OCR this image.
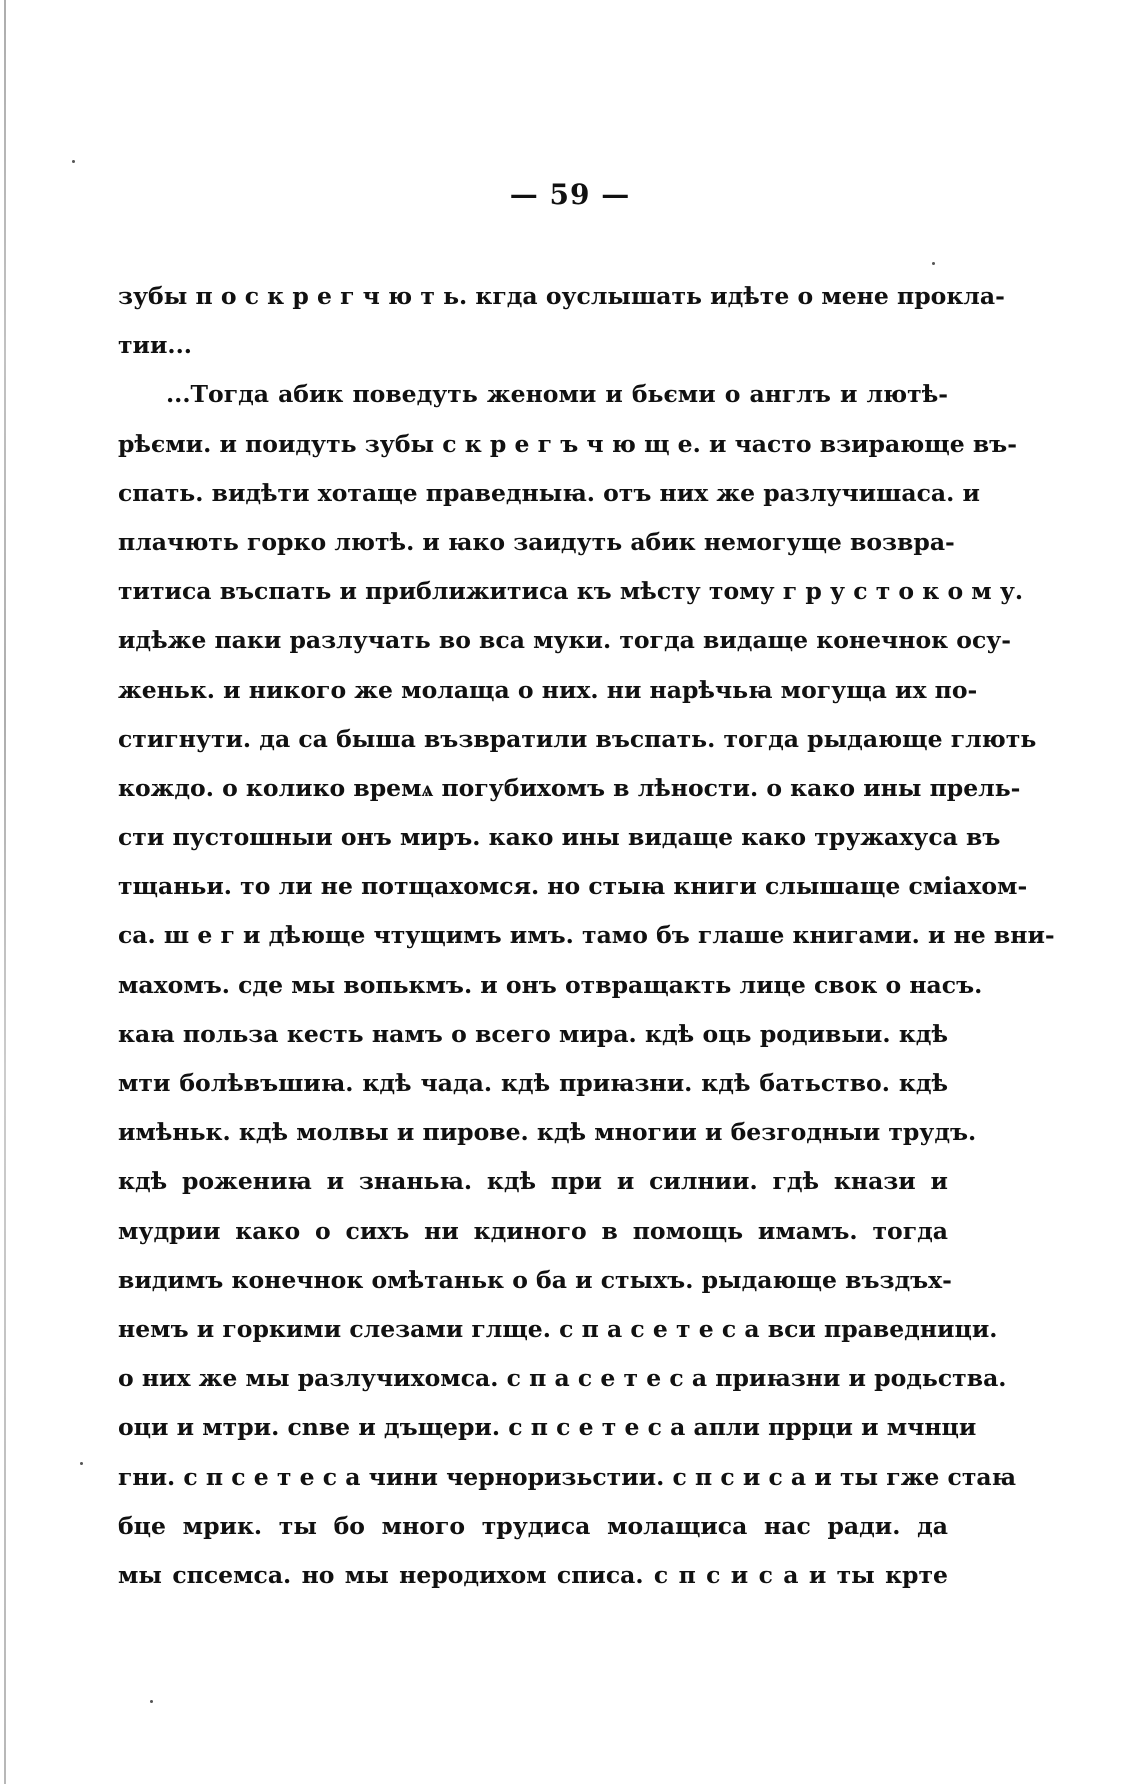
— 59 —
зубы п о с к р е г ч ю т ь. кгда оуслышать идѣте о мене прокла-
тии...
...Тогда абик поведуть женоми и бьєми о англъ и лютѣ-
рѣєми. и поидуть зубы с к р е г ъ ч ю щ е. и часто взирающе въ-
спать. видѣти хотаще праведныꙗ. отъ них же разлучишаса. и
плачють горко лютѣ. и ꙗко заидуть абик немогуще возвра-
титиса въспать и приближитиса къ мѣсту тому г р у с т о к о м у.
идѣже паки разлучать во вса муки. тогда видаще конечнок осу-
женьк. и никого же молаща о них. ни нарѣчьꙗ могуща их по-
стигнути. да са быша възвратили въспать. тогда рыдающе глють
кождо. о колико времѧ погубихомъ в лѣности. о како ины прель-
сти пустошныи онъ миръ. како ины видаще како тружахуса въ
тщаньи. то ли не потщахомся. но стыꙗ книги слышаще сміахом-
са. ш е г и дѣюще чтущимъ имъ. тамо бъ глаше книгами. и не вни-
махомъ. сде мы вопькмъ. и онъ отвращакть лице свок о насъ.
каꙗ польза кесть намъ о всего мира. кдѣ оць родивыи. кдѣ
мти болѣвъшиꙗ. кдѣ чада. кдѣ приꙗзни. кдѣ батьство. кдѣ
имѣньк. кдѣ молвы и пирове. кдѣ многии и безгодныи трудъ.
кдѣ рожениꙗ и знаньꙗ. кдѣ при и силнии. гдѣ кнази и
мудрии како о сихъ ни кдиного в помощь имамъ. тогда
видимъ конечнок омѣтаньк о ба и стыхъ. рыдающе въздъх-
немъ и горкими слезами глще. с п а с е т е с а вси праведници.
о них же мы разлучихомса. с п а с е т е с а приꙗзни и родьства.
оци и мтри. сnве и дъщери. с п с е т е с а апли пррци и мчнци
гни. с п с е т е с а чини черноризьстии. с п с и с а и ты гже стаꙗ
бце мрик. ты бо много трудиса молащиса нас ради. да
мы спсемса. но мы неродихом списа. с п с и с а и ты крте
